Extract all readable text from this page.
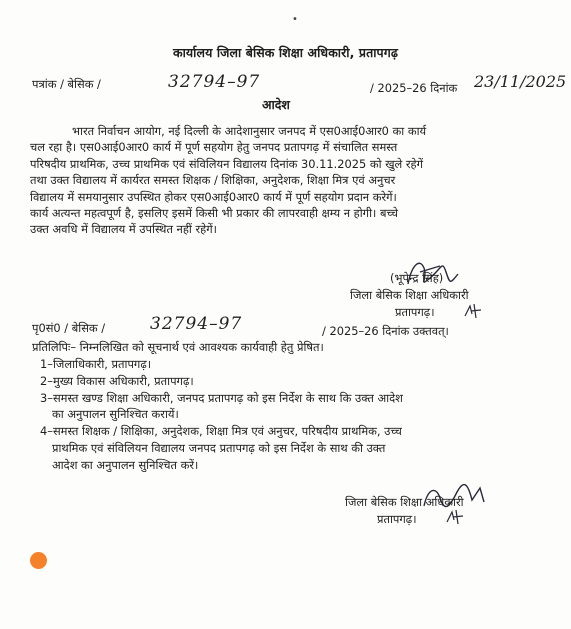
•
कार्यालय जिला बेसिक शिक्षा अधिकारी, प्रतापगढ़
पत्रांक / बेसिक /	32794–97	/ 2025–26 दिनांक 23/11/2025
आदेश

भारत निर्वाचन आयोग, नई दिल्ली के आदेशानुसार जनपद में एस0आई0आर0 का कार्य

चल रहा है। एस0आई0आर0 कार्य में पूर्ण सहयोग हेतु जनपद प्रतापगढ़ में संचालित समस्त

परिषदीय प्राथमिक, उच्च प्राथमिक एवं संविलियन विद्यालय दिनांक 30.11.2025 को खुले रहेगें

तथा उक्त विद्यालय में कार्यरत समस्त शिक्षक / शिक्षिका, अनुदेशक, शिक्षा मित्र एवं अनुचर

विद्यालय में समयानुसार उपस्थित होकर एस0आई0आर0 कार्य में पूर्ण सहयोग प्रदान करेगें।

कार्य अत्यन्त महत्वपूर्ण है, इसलिए इसमें किसी भी प्रकार की लापरवाही क्षम्य न होगी। बच्चे

उक्त अवधि में विद्यालय में उपस्थित नहीं रहेगें।

(भूपेन्द्र सिंह)
जिला बेसिक शिक्षा अधिकारी
प्रतापगढ़।
पृ0सं0 / बेसिक /	32794–97	/ 2025–26 दिनांक उक्तवत्।
प्रतिलिपिः– निम्नलिखित को सूचनार्थ एवं आवश्यक कार्यवाही हेतु प्रेषित।
1–जिलाधिकारी, प्रतापगढ़।
2–मुख्य विकास अधिकारी, प्रतापगढ़।
3–समस्त खण्ड शिक्षा अधिकारी, जनपद प्रतापगढ़ को इस निर्देश के साथ कि उक्त आदेश
का अनुपालन सुनिश्चित करायें।
4–समस्त शिक्षक / शिक्षिका, अनुदेशक, शिक्षा मित्र एवं अनुचर, परिषदीय प्राथमिक, उच्च
प्राथमिक एवं संविलियन विद्यालय जनपद प्रतापगढ़ को इस निर्देश के साथ की उक्त
आदेश का अनुपालन सुनिश्चित करें।
जिला बेसिक शिक्षा अधिकारी
प्रतापगढ़।
